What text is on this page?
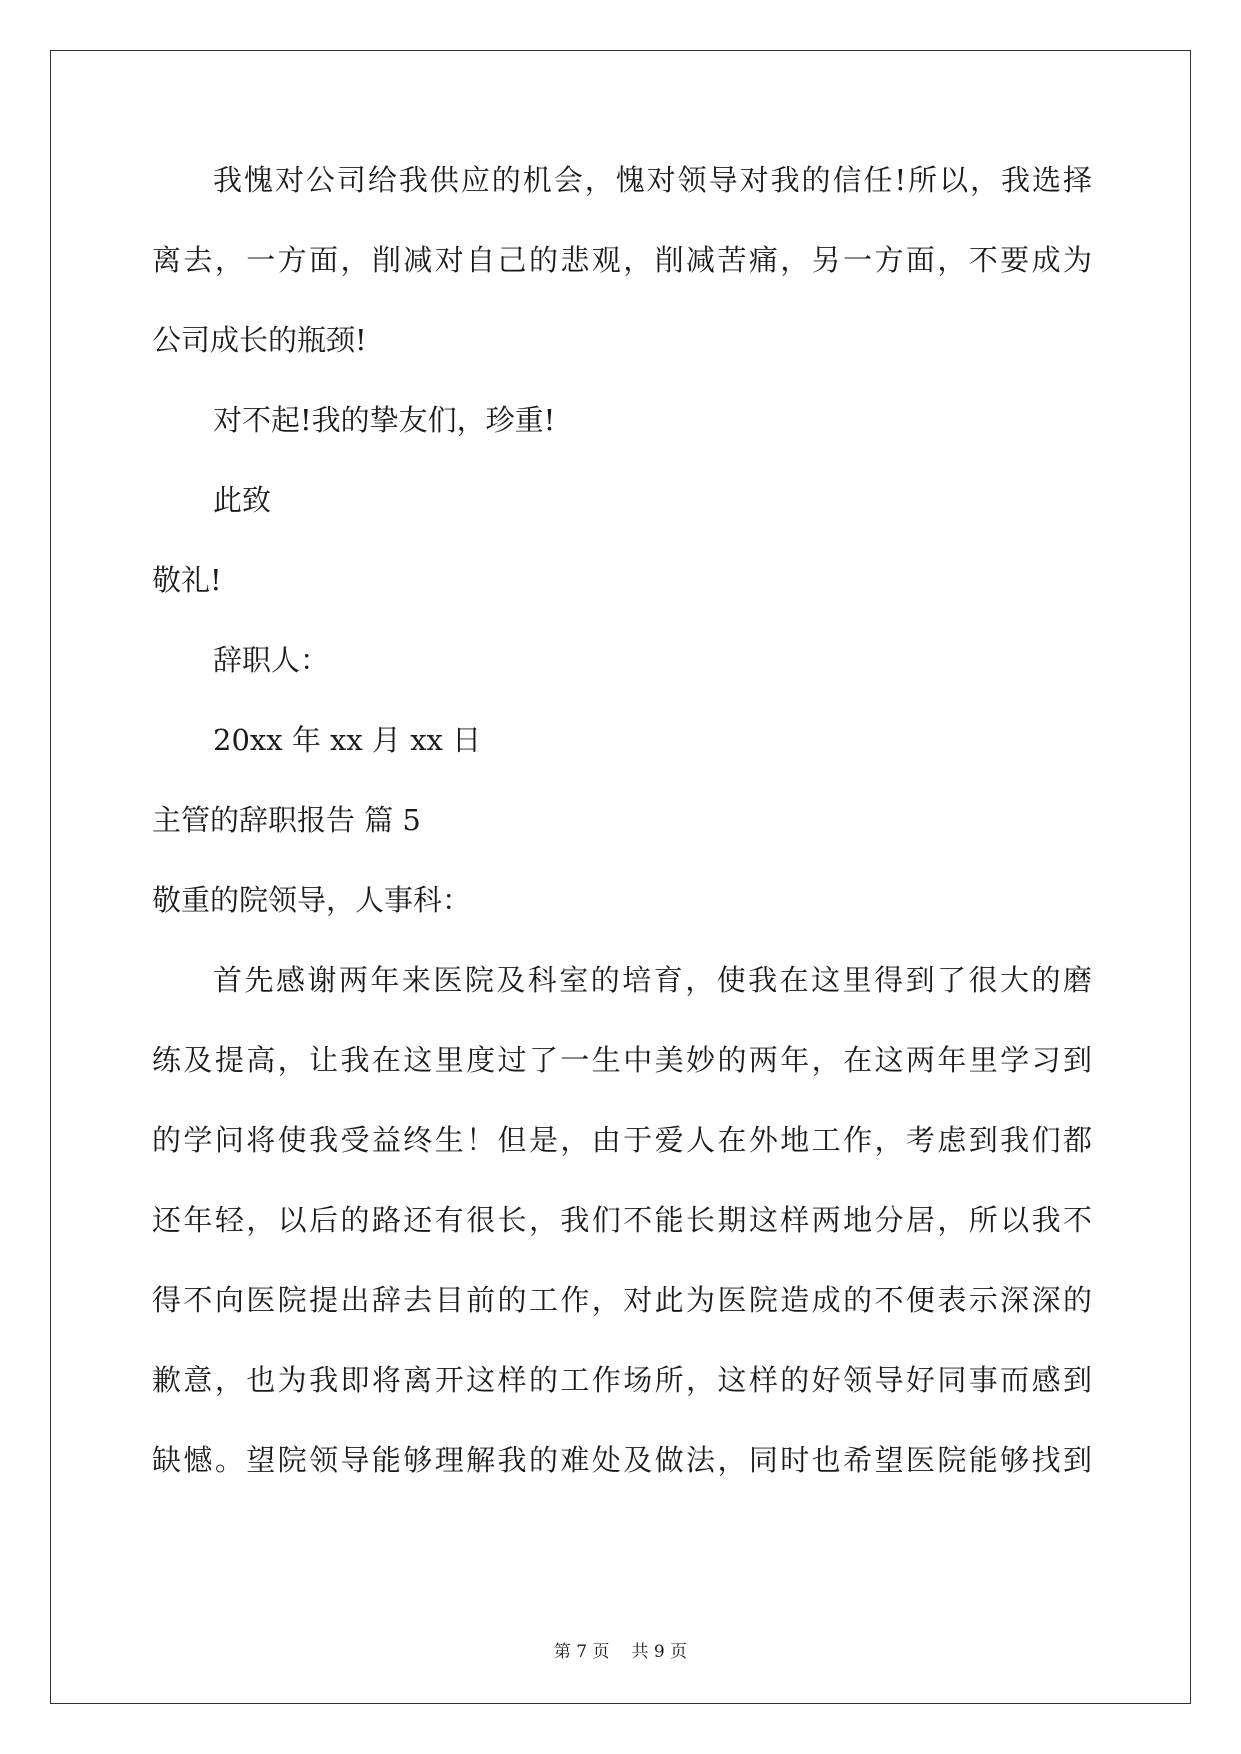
我愧对公司给我供应的机会，愧对领导对我的信任!所以，我选择
离去，一方面，削减对自己的悲观，削减苦痛，另一方面，不要成为
公司成长的瓶颈!
对不起!我的挚友们，珍重!
此致
敬礼!
辞职人：
20xx 年 xx 月 xx 日
主管的辞职报告 篇 5
敬重的院领导，人事科：
首先感谢两年来医院及科室的培育，使我在这里得到了很大的磨
练及提高，让我在这里度过了一生中美妙的两年，在这两年里学习到
的学问将使我受益终生！但是，由于爱人在外地工作，考虑到我们都
还年轻，以后的路还有很长，我们不能长期这样两地分居，所以我不
得不向医院提出辞去目前的工作，对此为医院造成的不便表示深深的
歉意，也为我即将离开这样的工作场所，这样的好领导好同事而感到
缺憾。望院领导能够理解我的难处及做法，同时也希望医院能够找到
第 7 页 共 9 页
